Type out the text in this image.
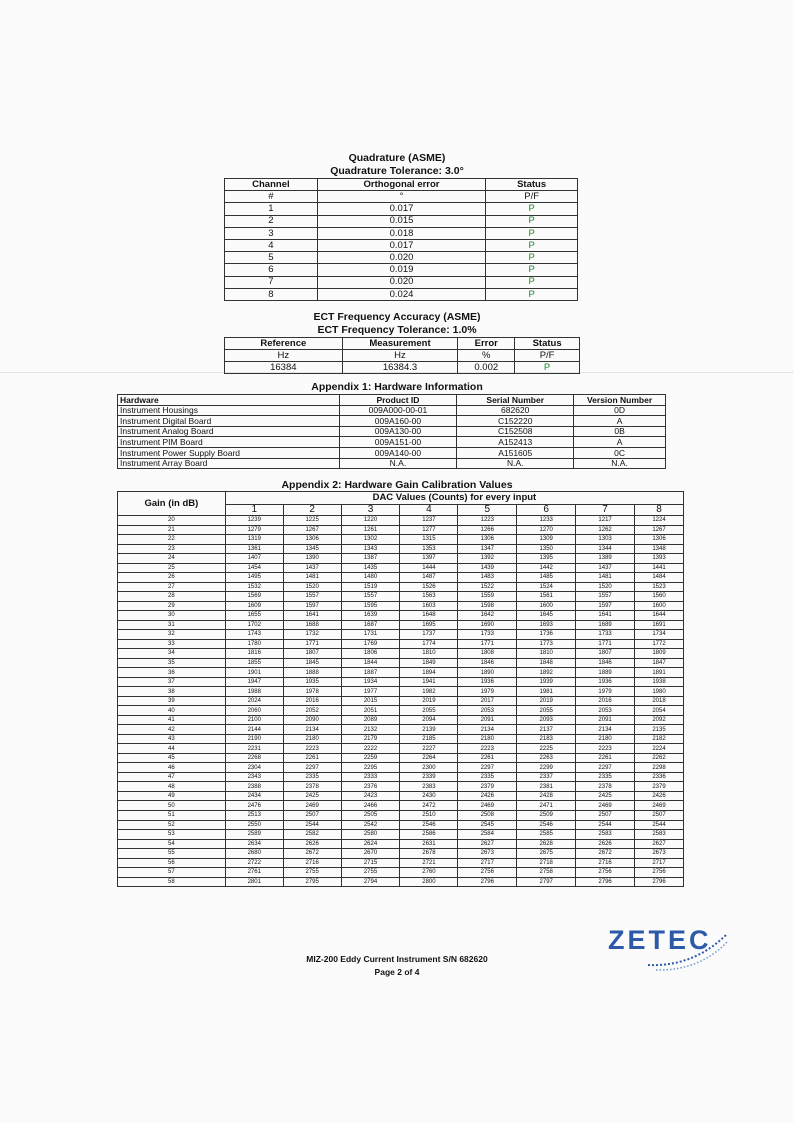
Quadrature (ASME)
Quadrature Tolerance: 3.0°
Channel	Orthogonal error	Status
#	°	P/F
1	0.017	P
2	0.015	P
3	0.018	P
4	0.017	P
5	0.020	P
6	0.019	P
7	0.020	P
8	0.024	P
ECT Frequency Accuracy (ASME)
ECT Frequency Tolerance: 1.0%
Reference	Measurement	Error	Status
Hz	Hz	%	P/F
16384	16384.3	0.002	P
Appendix 1: Hardware Information
Hardware	Product ID	Serial Number	Version Number
Instrument Housings	009A000-00-01	682620	0D
Instrument Digital Board	009A160-00	C152220	A
Instrument Analog Board	009A130-00	C152508	0B
Instrument PIM Board	009A151-00	A152413	A
Instrument Power Supply Board	009A140-00	A151605	0C
Instrument Array Board	N.A.	N.A.	N.A.
Appendix 2: Hardware Gain Calibration Values
Gain (in dB)	DAC Values (Counts) for every input							
	1	2	3	4	5	6	7	8
20	1239	1225	1220	1237	1223	1233	1217	1224
21	1279	1267	1261	1277	1266	1270	1262	1267
22	1319	1306	1302	1315	1306	1309	1303	1306
23	1361	1345	1343	1353	1347	1350	1344	1348
24	1407	1390	1387	1397	1392	1395	1389	1393
25	1454	1437	1435	1444	1439	1442	1437	1441
26	1495	1481	1480	1487	1483	1485	1481	1484
27	1532	1520	1519	1526	1522	1524	1520	1523
28	1569	1557	1557	1563	1559	1561	1557	1560
29	1609	1597	1595	1603	1598	1600	1597	1600
30	1655	1641	1639	1648	1642	1645	1641	1644
31	1702	1688	1687	1695	1690	1693	1689	1691
32	1743	1732	1731	1737	1733	1736	1733	1734
33	1780	1771	1769	1774	1771	1773	1771	1772
34	1816	1807	1806	1810	1808	1810	1807	1809
35	1855	1845	1844	1849	1846	1848	1846	1847
36	1901	1888	1887	1894	1890	1892	1889	1891
37	1947	1935	1934	1941	1936	1939	1936	1938
38	1988	1978	1977	1982	1979	1981	1979	1980
39	2024	2016	2015	2019	2017	2019	2016	2018
40	2060	2052	2051	2055	2053	2055	2053	2054
41	2100	2090	2089	2094	2091	2093	2091	2092
42	2144	2134	2132	2139	2134	2137	2134	2135
43	2190	2180	2179	2185	2180	2183	2180	2182
44	2231	2223	2222	2227	2223	2225	2223	2224
45	2268	2261	2259	2264	2261	2263	2261	2262
46	2304	2297	2295	2300	2297	2299	2297	2298
47	2343	2335	2333	2339	2335	2337	2335	2336
48	2388	2378	2376	2383	2379	2381	2378	2379
49	2434	2425	2423	2430	2426	2428	2425	2426
50	2476	2469	2466	2472	2469	2471	2469	2469
51	2513	2507	2505	2510	2508	2509	2507	2507
52	2550	2544	2542	2546	2545	2546	2544	2544
53	2589	2582	2580	2586	2584	2585	2583	2583
54	2634	2626	2624	2631	2627	2628	2626	2627
55	2680	2672	2670	2678	2673	2675	2672	2673
56	2722	2716	2715	2721	2717	2718	2716	2717
57	2761	2755	2755	2760	2756	2758	2756	2756
58	2801	2795	2794	2800	2796	2797	2796	2796
MIZ-200 Eddy Current Instrument S/N 682620
Page 2 of 4
ZETEC
